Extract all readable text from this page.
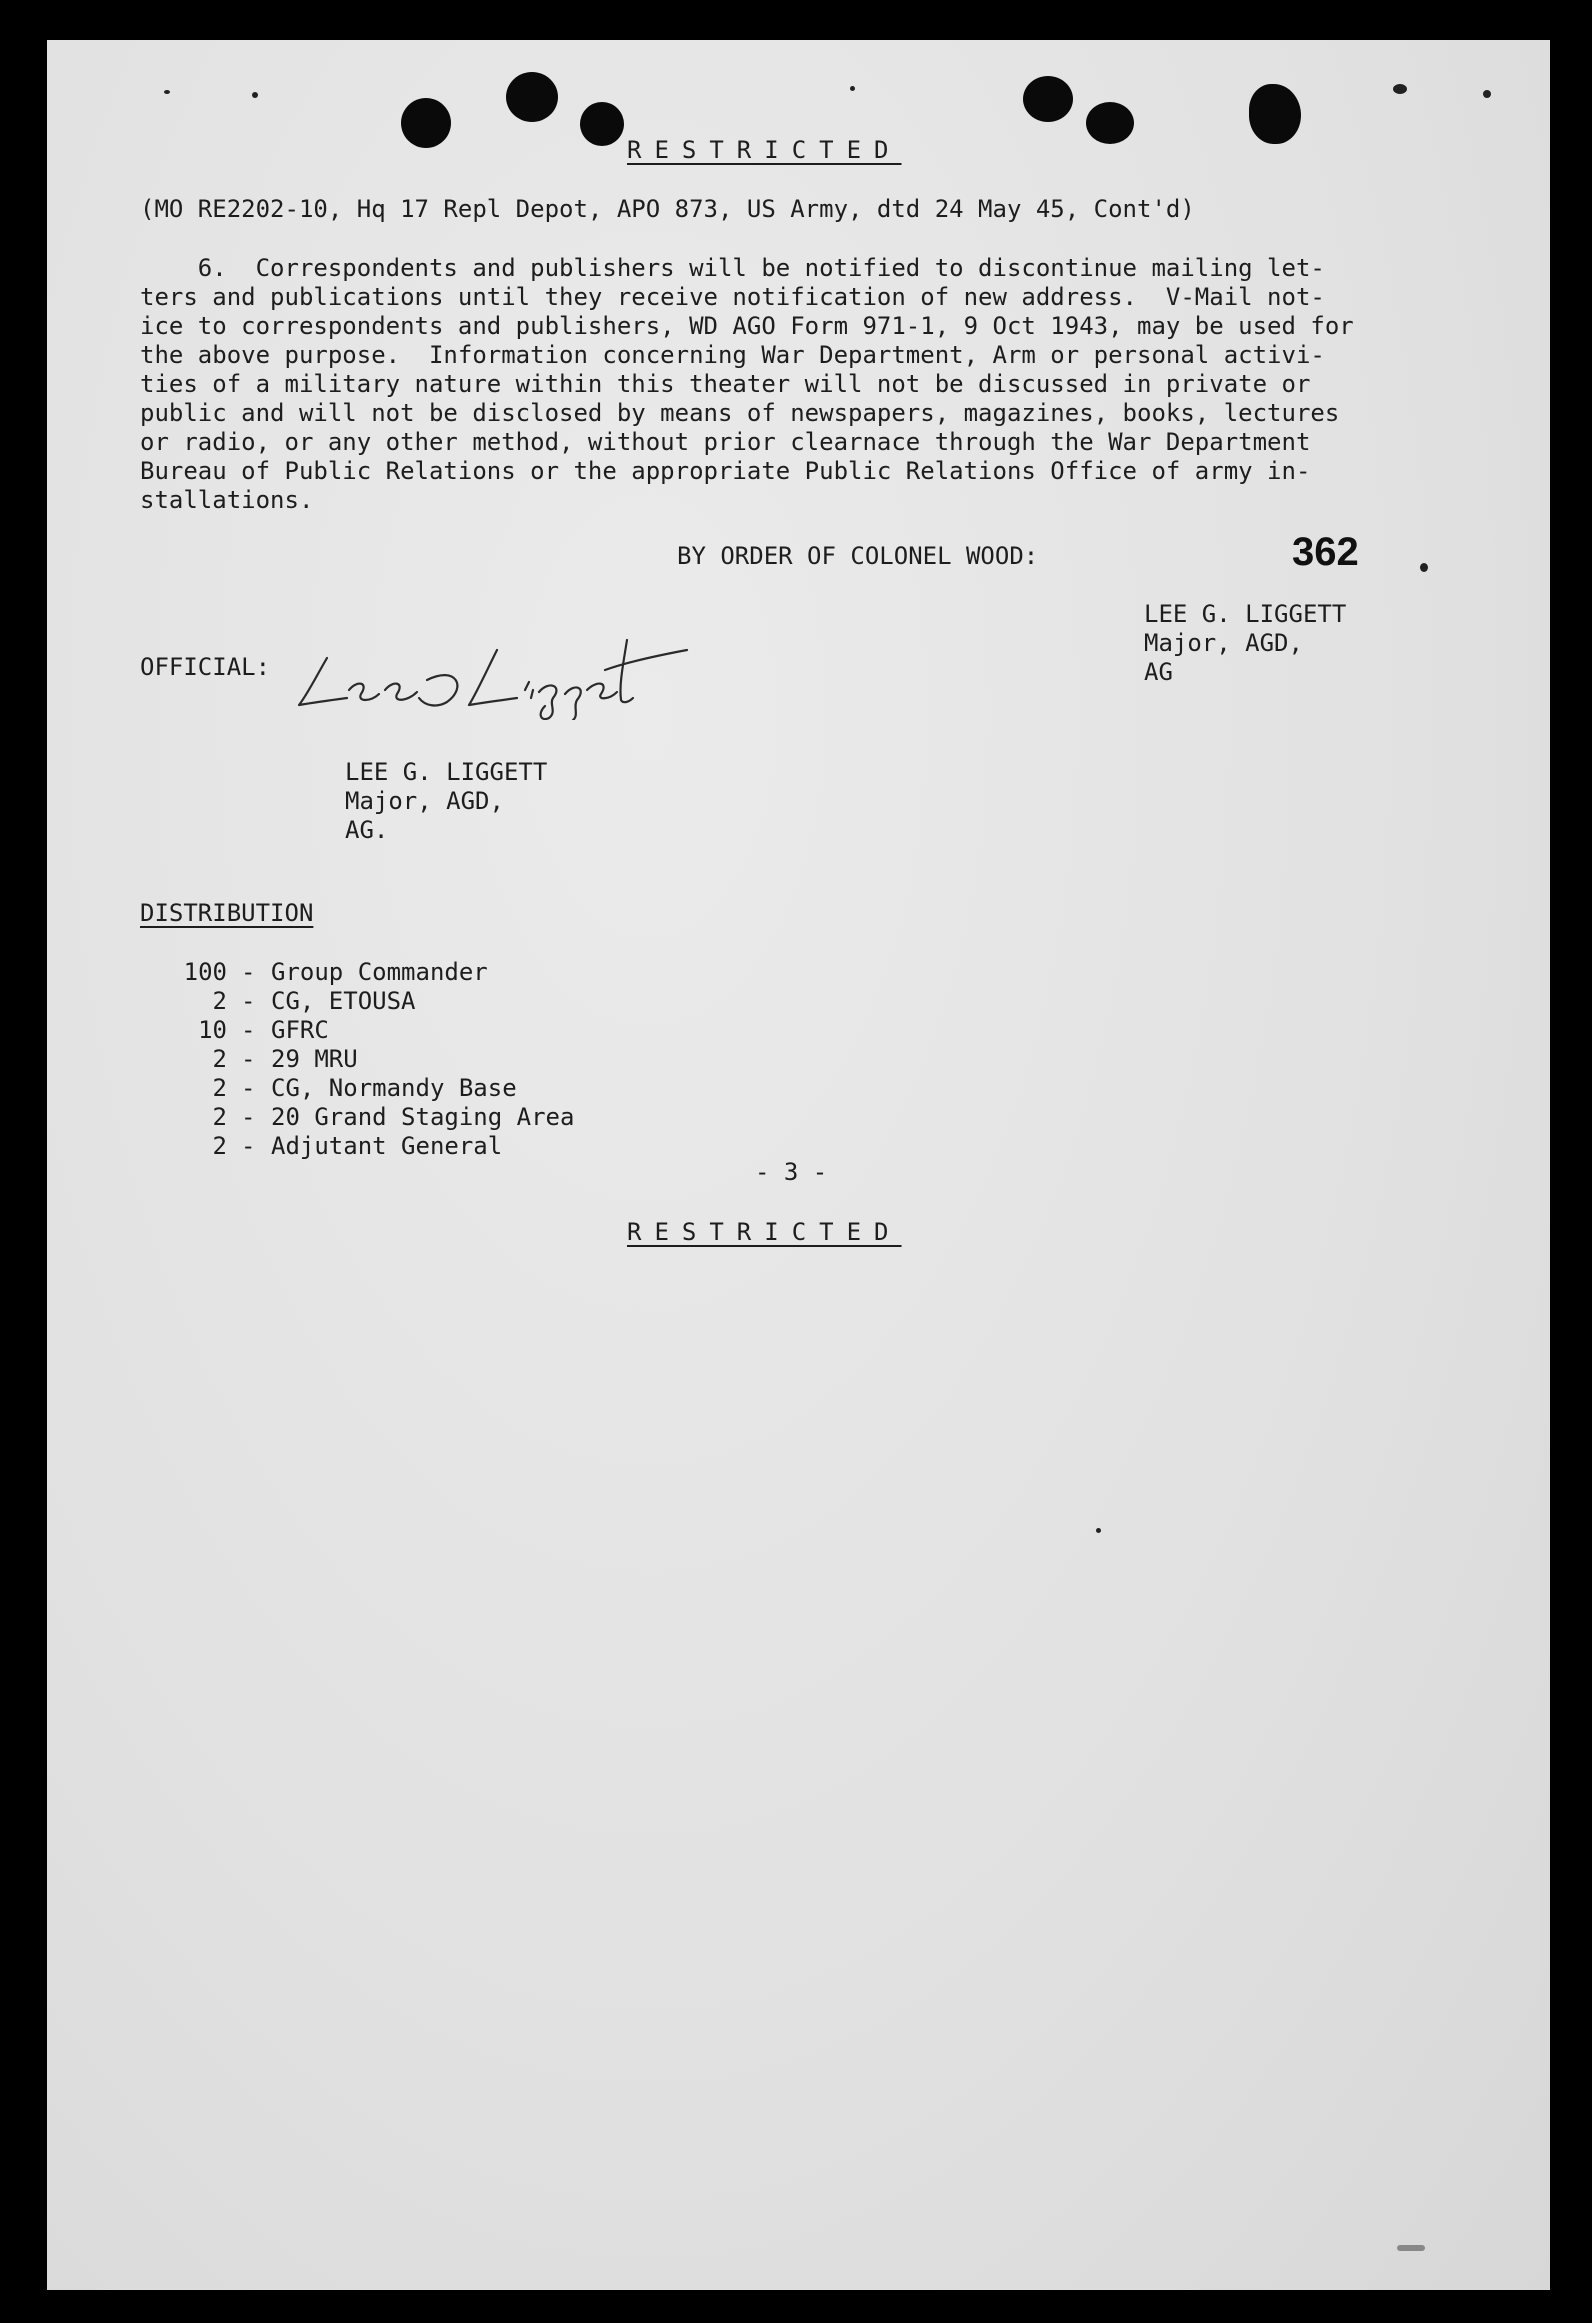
RESTRICTED

(MO RE2202-10, Hq 17 Repl Depot, APO 873, US Army, dtd 24 May 45, Cont'd)

6.  Correspondents and publishers will be notified to discontinue mailing let-

ters and publications until they receive notification of new address.  V-Mail not-

ice to correspondents and publishers, WD AGO Form 971-1, 9 Oct 1943, may be used for

the above purpose.  Information concerning War Department, Arm or personal activi-

ties of a military nature within this theater will not be discussed in private or

public and will not be disclosed by means of newspapers, magazines, books, lectures

or radio, or any other method, without prior clearnace through the War Department

Bureau of Public Relations or the appropriate Public Relations Office of army in-

stallations.

BY ORDER OF COLONEL WOOD:	362

LEE G. LIGGETT

Major, AGD,

AG

OFFICIAL:

LEE G. LIGGETT

Major, AGD,

AG.

DISTRIBUTION

100 - Group Commander

2 - CG, ETOUSA

10 - GFRC

2 - 29 MRU

2 - CG, Normandy Base

2 - 20 Grand Staging Area

2 - Adjutant General

- 3 -

RESTRICTED
